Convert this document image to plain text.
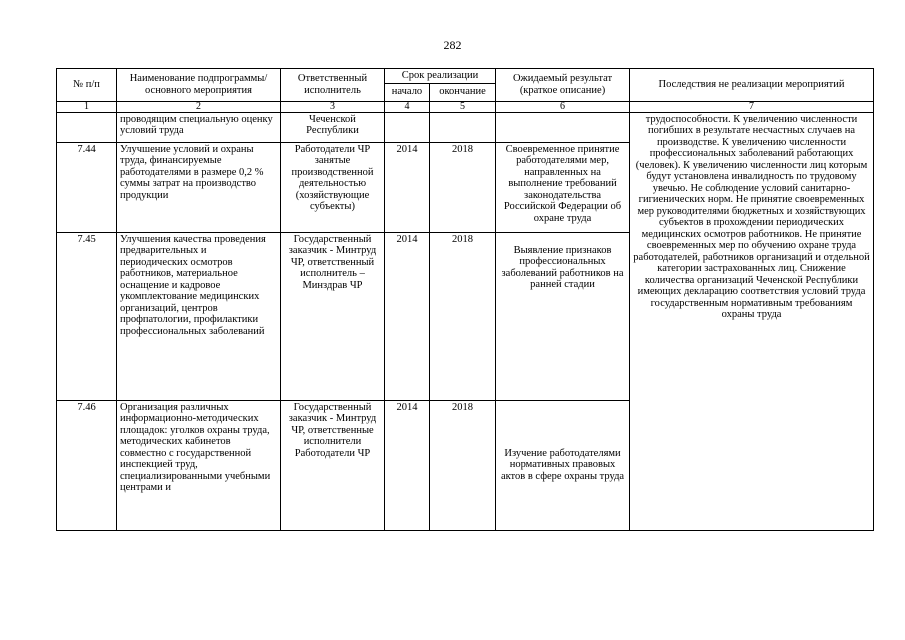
282
№ п/п	Наименование подпрограммы/ основного мероприятия	Ответственный исполнитель	Срок реализации		Ожидаемый результат (краткое описание)	Последствия не реализации мероприятий
			начало	окончание		
1	2	3	4	5	6	7
	проводящим специальную оценку условий труда	Чеченской Республики				трудоспособности. К увеличению численности погибших в результате несчастных случаев на производстве. К увеличению численности профессиональных заболеваний работающих (человек). К увеличению численности лиц которым будут установлена инвалидность по трудовому увечью. Не соблюдение условий санитарно-гигиенических норм. Не принятие своевременных мер руководителями бюджетных и хозяйствующих субъектов в прохождении периодических медицинских осмотров работников. Не принятие своевременных мер по обучению охране труда работодателей, работников организаций и отдельной категории застрахованных лиц. Снижение количества организаций Чеченской Республики имеющих декларацию соответствия условий труда государственным нормативным требованиям охраны труда
7.44	Улучшение условий и охраны труда, финансируемые работодателями в размере 0,2 % суммы затрат на производство продукции	Работодатели ЧР занятые производственной деятельностью (хозяйствующие субъекты)	2014	2018	Своевременное принятие работодателями мер, направленных на выполнение требований законодательства Российской Федерации об охране труда	
7.45	Улучшения качества проведения предварительных и периодических осмотров работников, материальное оснащение и кадровое укомплектование медицинских организаций, центров профпатологии, профилактики профессиональных заболеваний	Государственный заказчик - Минтруд ЧР, ответственный исполнитель – Минздрав ЧР	2014	2018	Выявление признаков профессиональных заболеваний работников на ранней стадии	
7.46	Организация различных информационно-методических площадок: уголков охраны труда, методических кабинетов совместно с государственной инспекцией труд, специализированными учебными центрами и	Государственный заказчик - Минтруд ЧР, ответственные исполнители Работодатели ЧР	2014	2018	Изучение работодателями нормативных правовых актов в сфере охраны труда	
